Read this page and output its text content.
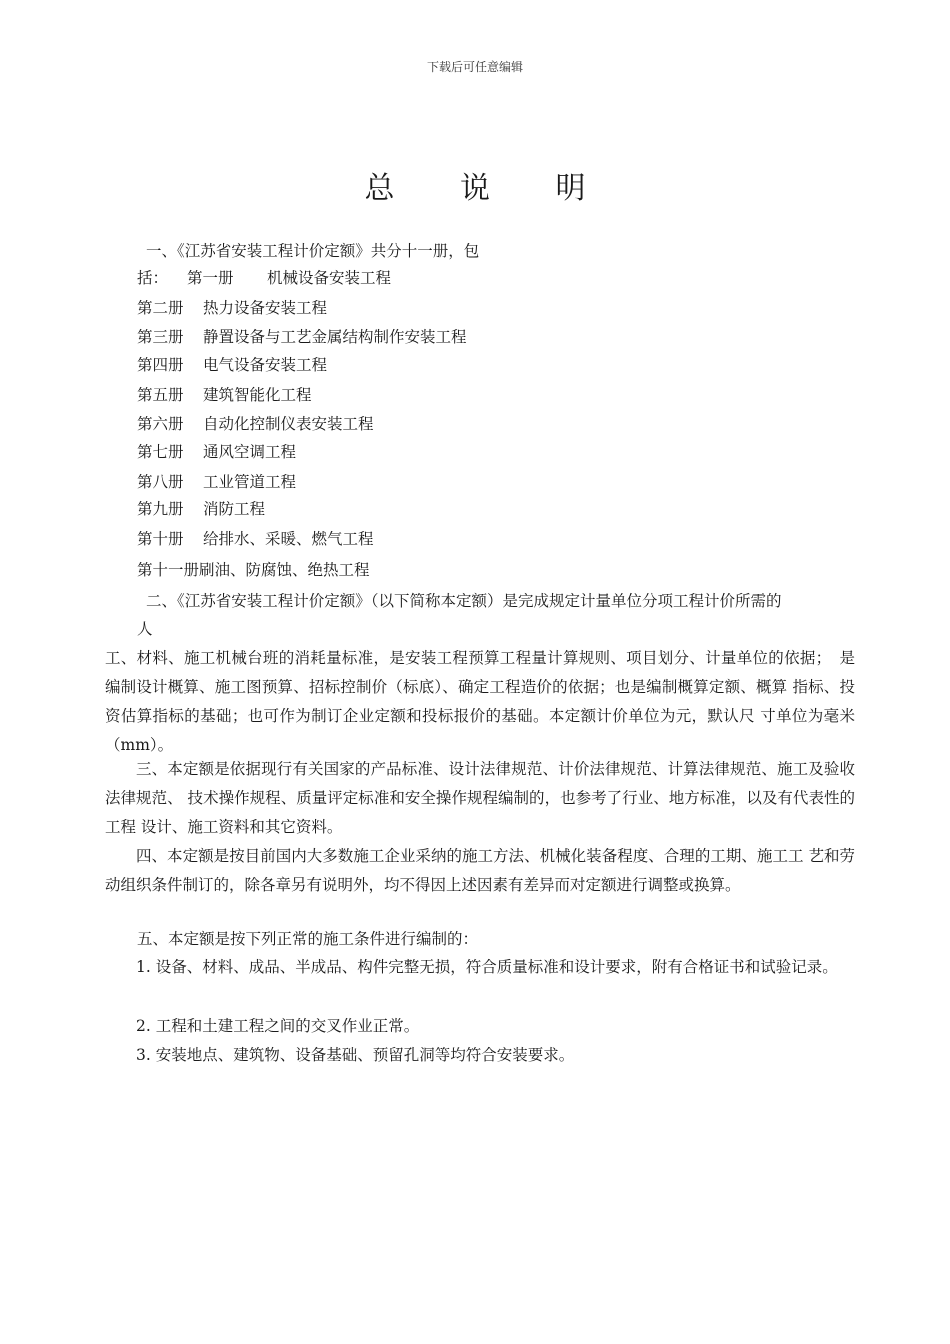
下载后可任意编辑
总 说 明
一、《江苏省安装工程计价定额》共分十一册，包
括： 第一册 机械设备安装工程
第二册 热力设备安装工程
第三册 静置设备与工艺金属结构制作安装工程
第四册 电气设备安装工程
第五册 建筑智能化工程
第六册 自动化控制仪表安装工程
第七册 通风空调工程
第八册 工业管道工程
第九册 消防工程
第十册 给排水、采暖、燃气工程
第十一册刷油、防腐蚀、绝热工程
二、《江苏省安装工程计价定额》（以下简称本定额）是完成规定计量单位分项工程计价所需的
人
工、材料、施工机械台班的消耗量标准，是安装工程预算工程量计算规则、项目划分、计量单位的依据；　是编制设计概算、施工图预算、招标控制价（标底）、确定工程造价的依据；也是编制概算定额、概算 指标、投资估算指标的基础；也可作为制订企业定额和投标报价的基础。本定额计价单位为元，默认尺 寸单位为毫米（mm）。
三、本定额是依据现行有关国家的产品标准、设计法律规范、计价法律规范、计算法律规范、施工及验收法律规范、 技术操作规程、质量评定标准和安全操作规程编制的，也参考了行业、地方标准，以及有代表性的工程 设计、施工资料和其它资料。
四、本定额是按目前国内大多数施工企业采纳的施工方法、机械化装备程度、合理的工期、施工工 艺和劳动组织条件制订的，除各章另有说明外，均不得因上述因素有差异而对定额进行调整或换算。
五、本定额是按下列正常的施工条件进行编制的：
1. 设备、材料、成品、半成品、构件完整无损，符合质量标准和设计要求，附有合格证书和试验记录。
2. 工程和土建工程之间的交叉作业正常。
3. 安装地点、建筑物、设备基础、预留孔洞等均符合安装要求。
